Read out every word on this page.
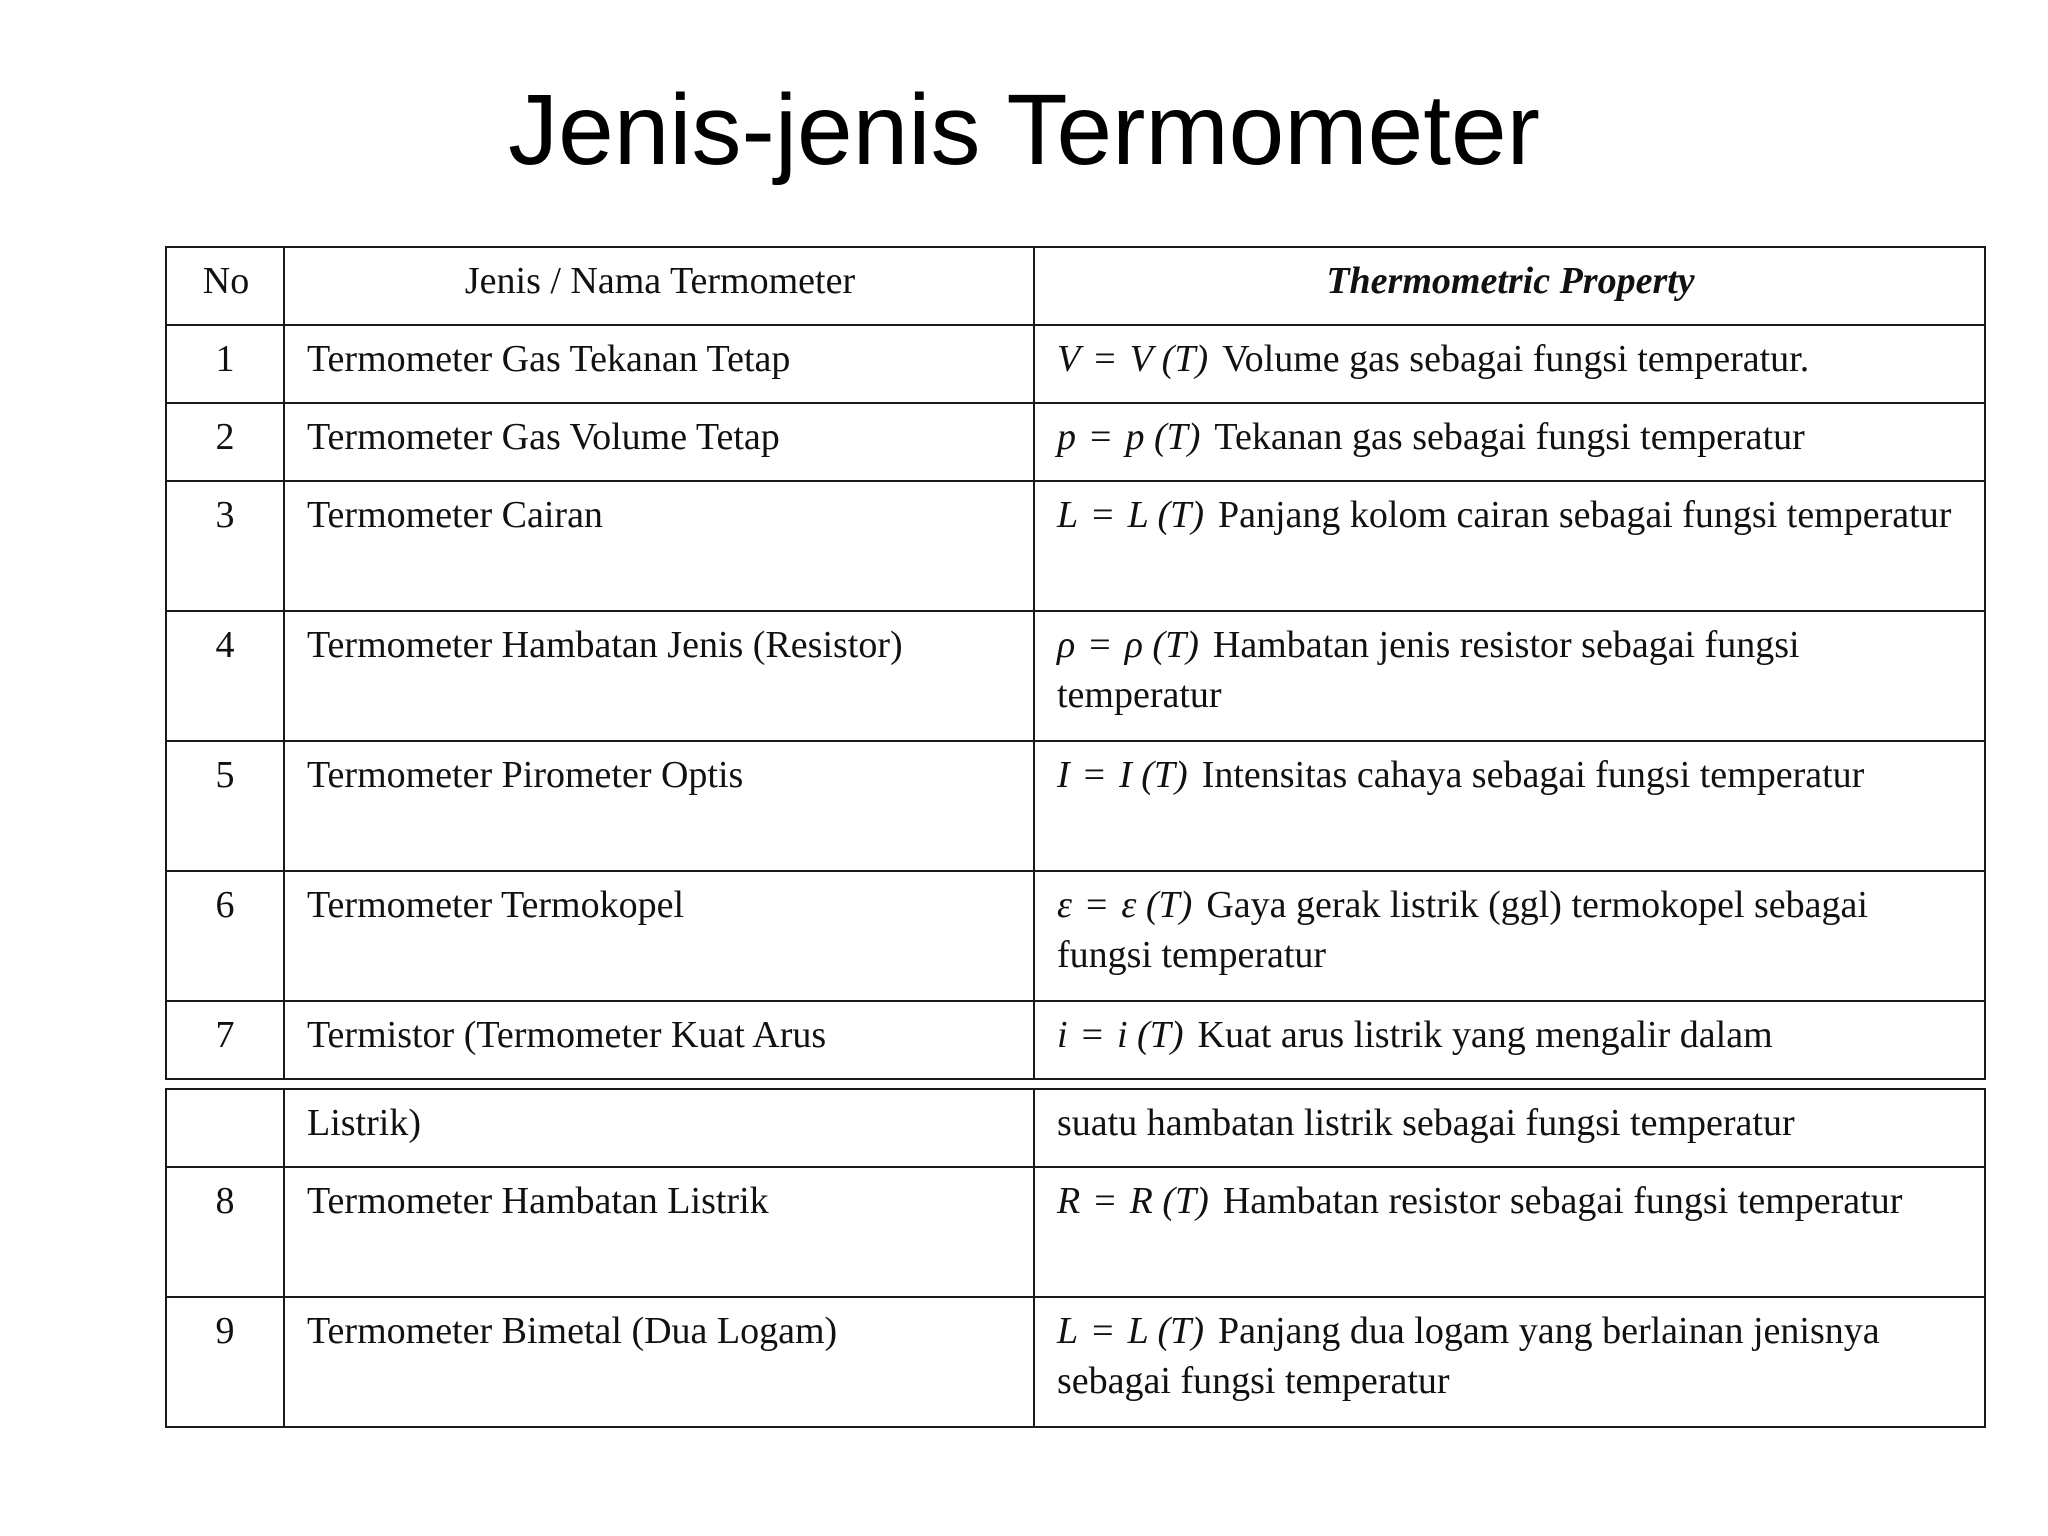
Jenis-jenis Termometer
No	Jenis / Nama Termometer	Thermometric Property
1	Termometer Gas Tekanan Tetap	V = V (T) Volume gas sebagai fungsi temperatur.
2	Termometer Gas Volume Tetap	p = p (T) Tekanan gas sebagai fungsi temperatur
3	Termometer Cairan	L = L (T) Panjang kolom cairan sebagai fungsi temperatur
4	Termometer Hambatan Jenis (Resistor)	ρ = ρ (T) Hambatan jenis resistor sebagai fungsi temperatur
5	Termometer Pirometer Optis	I = I (T) Intensitas cahaya sebagai fungsi temperatur
6	Termometer Termokopel	ε = ε (T) Gaya gerak listrik (ggl) termokopel sebagai fungsi temperatur
7	Termistor (Termometer Kuat Arus	i = i (T) Kuat arus listrik yang mengalir dalam

	Listrik)	suatu hambatan listrik sebagai fungsi temperatur
8	Termometer Hambatan Listrik	R = R (T) Hambatan resistor sebagai fungsi temperatur
9	Termometer Bimetal (Dua Logam)	L = L (T) Panjang dua logam yang berlainan jenisnya sebagai fungsi temperatur
